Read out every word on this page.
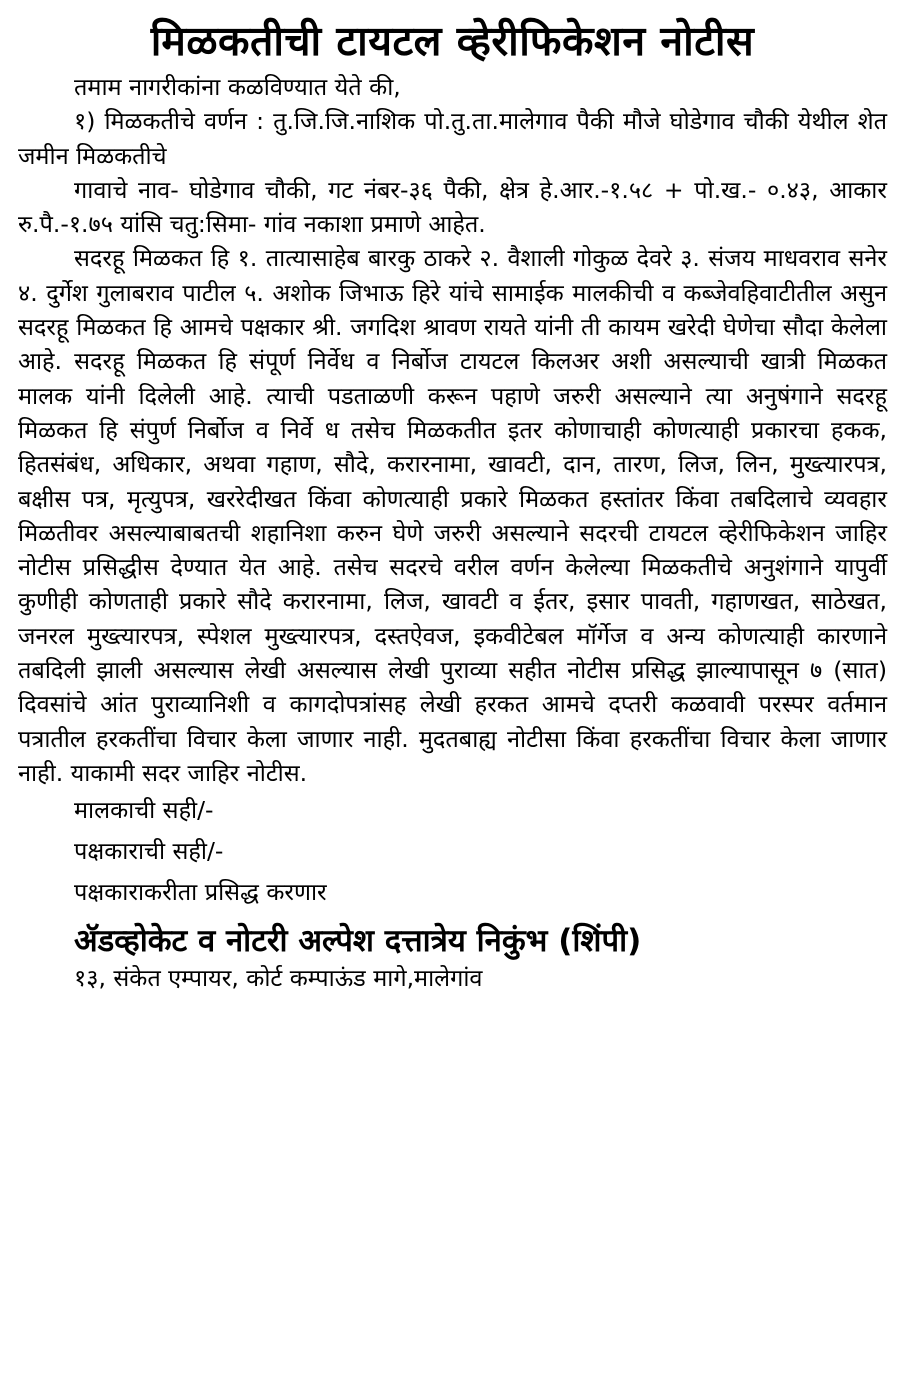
मिळकतीची टायटल व्हेरीफिकेशन नोटीस

तमाम नागरीकांना कळविण्यात येते की,

१) मिळकतीचे वर्णन : तु.जि.जि.नाशिक पो.तु.ता.मालेगाव पैकी मौजे घोडेगाव चौकी येथील शेत जमीन मिळकतीचे

गावाचे नाव- घोडेगाव चौकी, गट नंबर-३६ पैकी, क्षेत्र हे.आर.-१.५८ + पो.ख.- ०.४३, आकार रु.पै.-१.७५ यांसि चतु:सिमा- गांव नकाशा प्रमाणे आहेत.

सदरहू मिळकत हि १. तात्यासाहेब बारकु ठाकरे २. वैशाली गोकुळ देवरे ३. संजय माधवराव सनेर ४. दुर्गेश गुलाबराव पाटील ५. अशोक जिभाऊ हिरे यांचे सामाईक मालकीची व कब्जेवहिवाटीतील असुन सदरहू मिळकत हि आमचे पक्षकार श्री. जगदिश श्रावण रायते यांनी ती कायम खरेदी घेणेचा सौदा केलेला आहे. सदरहू मिळकत हि संपूर्ण निर्वेध व निर्बोज टायटल किलअर अशी असल्याची खात्री मिळकत मालक यांनी दिलेली आहे. त्याची पडताळणी करून पहाणे जरुरी असल्याने त्या अनुषंगाने सदरहू मिळकत हि संपुर्ण निर्बोज व निर्वे ध तसेच मिळकतीत इतर कोणाचाही कोणत्याही प्रकारचा हकक, हितसंबंध, अधिकार, अथवा गहाण, सौदे, करारनामा, खावटी, दान, तारण, लिज, लिन, मुख्त्यारपत्र, बक्षीस पत्र, मृत्युपत्र, खररेदीखत किंवा कोणत्याही प्रकारे मिळकत हस्तांतर किंवा तबदिलाचे व्यवहार मिळतीवर असल्याबाबतची शहानिशा करुन घेणे जरुरी असल्याने सदरची टायटल व्हेरीफिकेशन जाहिर नोटीस प्रसिद्धीस देण्यात येत आहे. तसेच सदरचे वरील वर्णन केलेल्या मिळकतीचे अनुशंगाने यापुर्वी कुणीही कोणताही प्रकारे सौदे करारनामा, लिज, खावटी व ईतर, इसार पावती, गहाणखत, साठेखत, जनरल मुख्त्यारपत्र, स्पेशल मुख्त्यारपत्र, दस्तऐवज, इकवीटेबल मॉर्गेज व अन्य कोणत्याही कारणाने तबदिली झाली असल्यास लेखी असल्यास लेखी पुराव्या सहीत नोटीस प्रसिद्ध झाल्यापासून ७ (सात) दिवसांचे आंत पुराव्यानिशी व कागदोपत्रांसह लेखी हरकत आमचे दप्तरी कळवावी परस्पर वर्तमान पत्रातील हरकतींचा विचार केला जाणार नाही. मुदतबाह्य नोटीसा किंवा हरकतींचा विचार केला जाणार नाही. याकामी सदर जाहिर नोटीस.

मालकाची सही/-

पक्षकाराची सही/-

पक्षकाराकरीता प्रसिद्ध करणार

ॲडव्होकेट व नोटरी अल्पेश दत्तात्रेय निकुंभ (शिंपी)
१३, संकेत एम्पायर, कोर्ट कम्पाऊंड मागे,मालेगांव
